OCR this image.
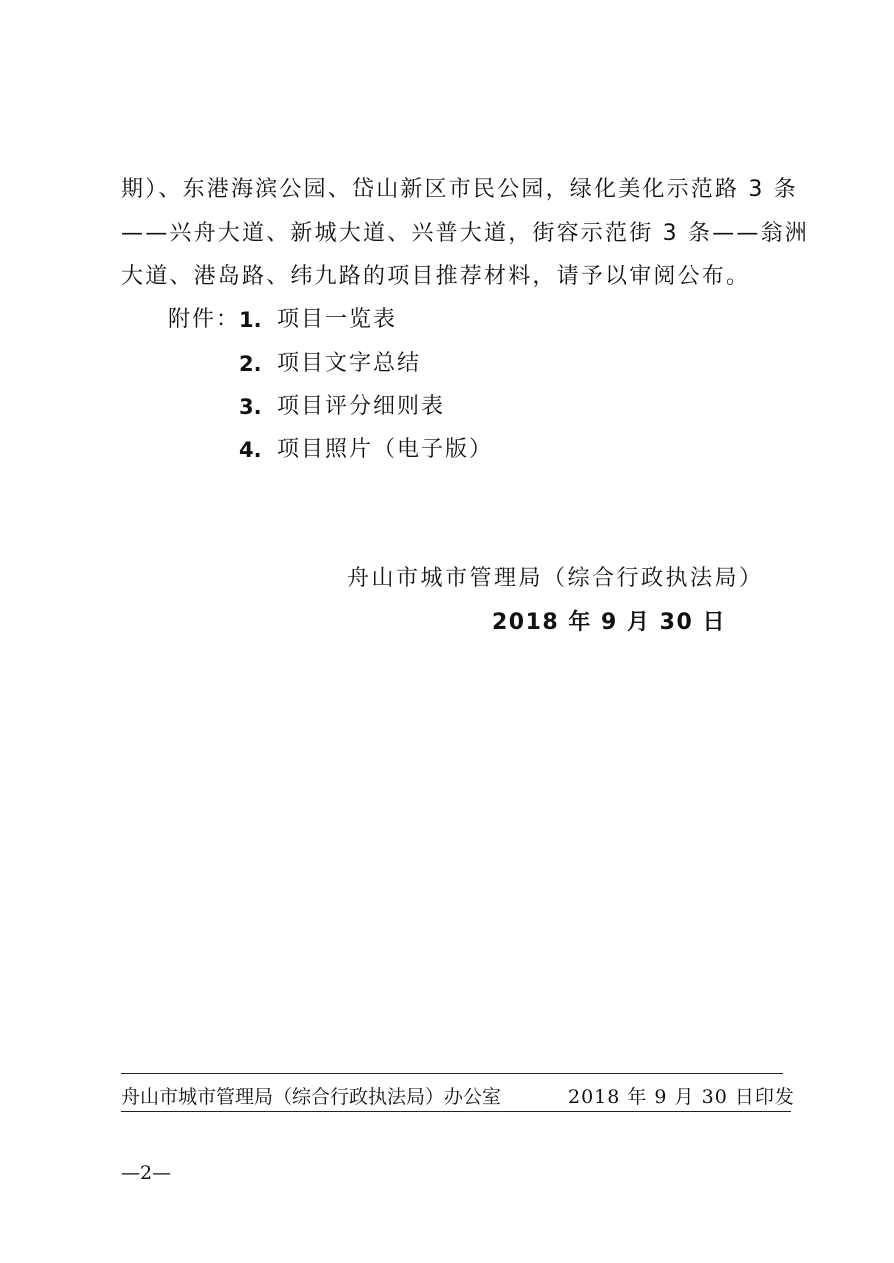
期）、东港海滨公园、岱山新区市民公园，绿化美化示范路 3 条
——兴舟大道、新城大道、兴普大道，街容示范街 3 条——翁洲
大道、港岛路、纬九路的项目推荐材料，请予以审阅公布。
附件：
1. 项目一览表
2. 项目文字总结
3. 项目评分细则表
4. 项目照片（电子版）
舟山市城市管理局（综合行政执法局）
2018 年 9 月 30 日
舟山市城市管理局（综合行政执法局）办公室	2018 年 9 月 30 日印发
—2—
